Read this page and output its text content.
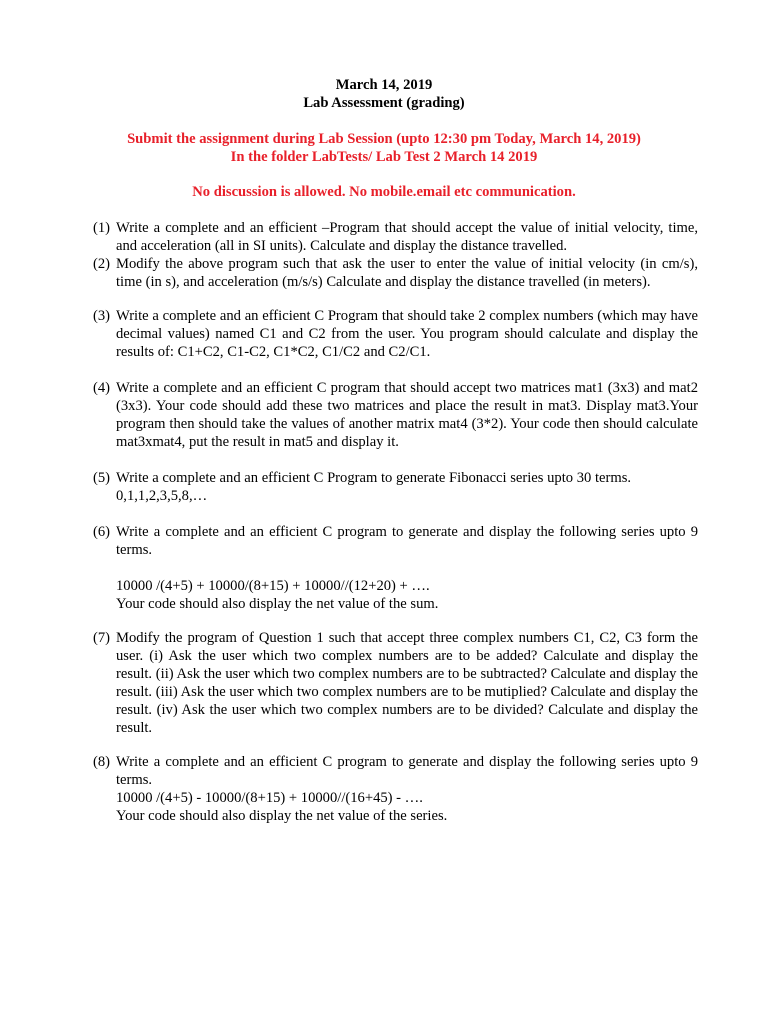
March 14, 2019
Lab Assessment (grading)
Submit the assignment during Lab Session (upto 12:30 pm Today, March 14, 2019)
In the folder LabTests/ Lab Test 2 March 14 2019
No discussion is allowed. No mobile.email etc communication.
(1) Write a complete and an efficient –Program that should accept the value of initial velocity, time, and acceleration (all in SI units). Calculate and display the distance travelled.

(2) Modify the above program such that ask the user to enter the value of initial velocity (in cm/s), time (in s), and acceleration (m/s/s) Calculate and display the distance travelled (in meters).

(3) Write a complete and an efficient C Program that should take 2 complex numbers (which may have decimal values) named C1 and C2 from the user. You program should calculate and display the results of: C1+C2, C1-C2, C1*C2, C1/C2 and C2/C1.

(4) Write a complete and an efficient C program that should accept two matrices mat1 (3x3) and mat2 (3x3). Your code should add these two matrices and place the result in mat3. Display mat3.Your program then should take the values of another matrix mat4 (3*2). Your code then should calculate mat3xmat4, put the result in mat5 and display it.

(5) Write a complete and an efficient C Program to generate Fibonacci series upto 30 terms.

0,1,1,2,3,5,8,…

(6) Write a complete and an efficient C program to generate and display the following series upto 9 terms.

10000 /(4+5) + 10000/(8+15) + 10000//(12+20) + ….

Your code should also display the net value of the sum.

(7) Modify the program of Question 1 such that accept three complex numbers C1, C2, C3 form the user. (i) Ask the user which two complex numbers are to be added? Calculate and display the result. (ii) Ask the user which two complex numbers are to be subtracted? Calculate and display the result. (iii) Ask the user which two complex numbers are to be mutiplied? Calculate and display the result. (iv) Ask the user which two complex numbers are to be divided? Calculate and display the result.

(8) Write a complete and an efficient C program to generate and display the following series upto 9 terms.

10000 /(4+5) - 10000/(8+15) + 10000//(16+45) - ….

Your code should also display the net value of the series.
